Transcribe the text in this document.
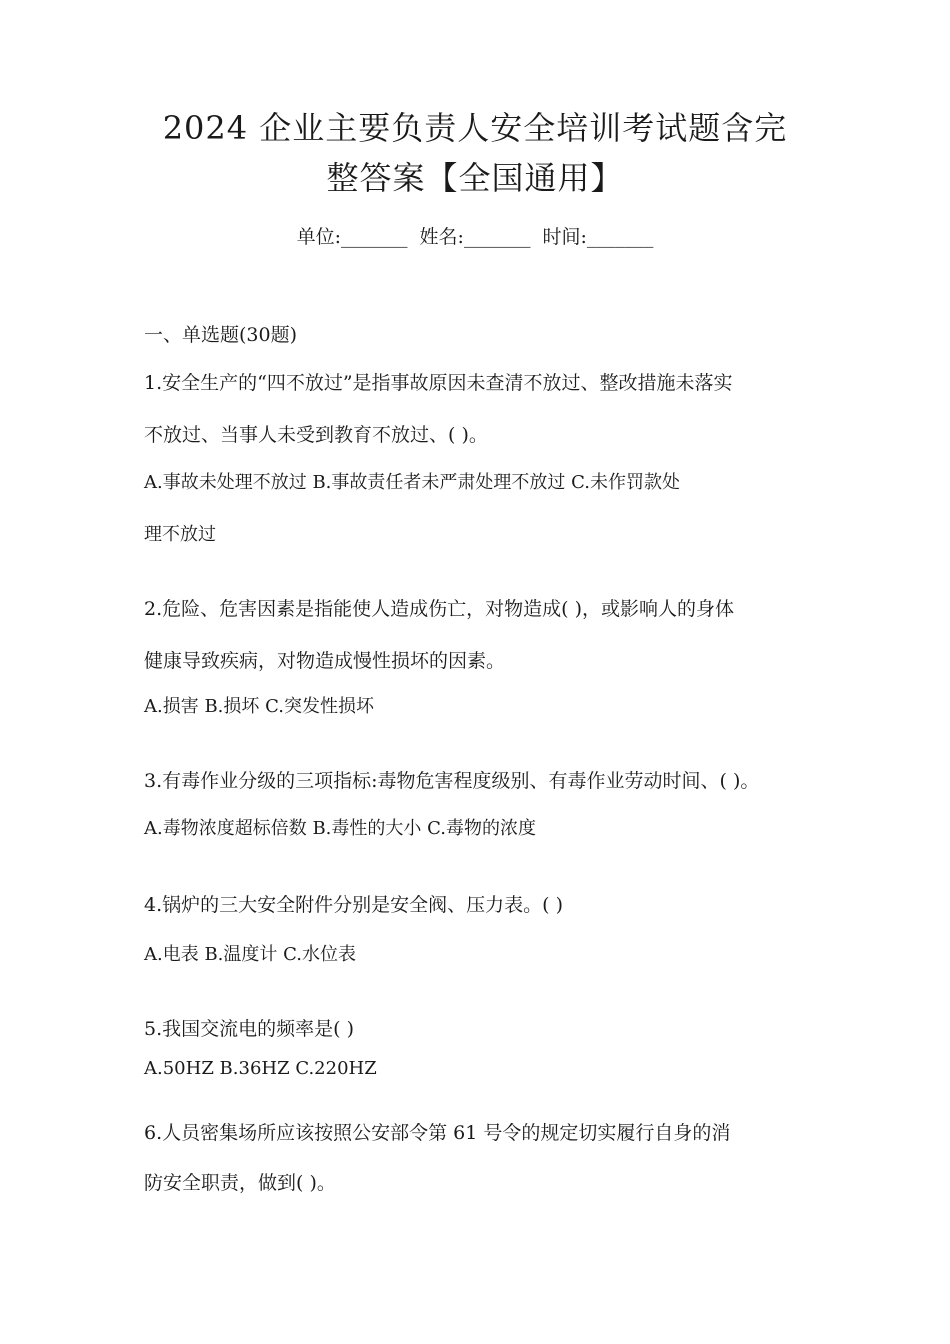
2024 企业主要负责人安全培训考试题含完
整答案【全国通用】
单位:_______ 姓名:_______ 时间:_______
一、单选题(30题)
1.安全生产的“四不放过”是指事故原因未查清不放过、整改措施未落实
不放过、当事人未受到教育不放过、( )。
A.事故未处理不放过 B.事故责任者未严肃处理不放过 C.未作罚款处
理不放过
2.危险、危害因素是指能使人造成伤亡，对物造成( )，或影响人的身体
健康导致疾病，对物造成慢性损坏的因素。
A.损害 B.损坏 C.突发性损坏
3.有毒作业分级的三项指标:毒物危害程度级别、有毒作业劳动时间、( )。
A.毒物浓度超标倍数 B.毒性的大小 C.毒物的浓度
4.锅炉的三大安全附件分别是安全阀、压力表。( )
A.电表 B.温度计 C.水位表
5.我国交流电的频率是( )
A.50HZ B.36HZ C.220HZ
6.人员密集场所应该按照公安部令第 61 号令的规定切实履行自身的消
防安全职责，做到( )。
